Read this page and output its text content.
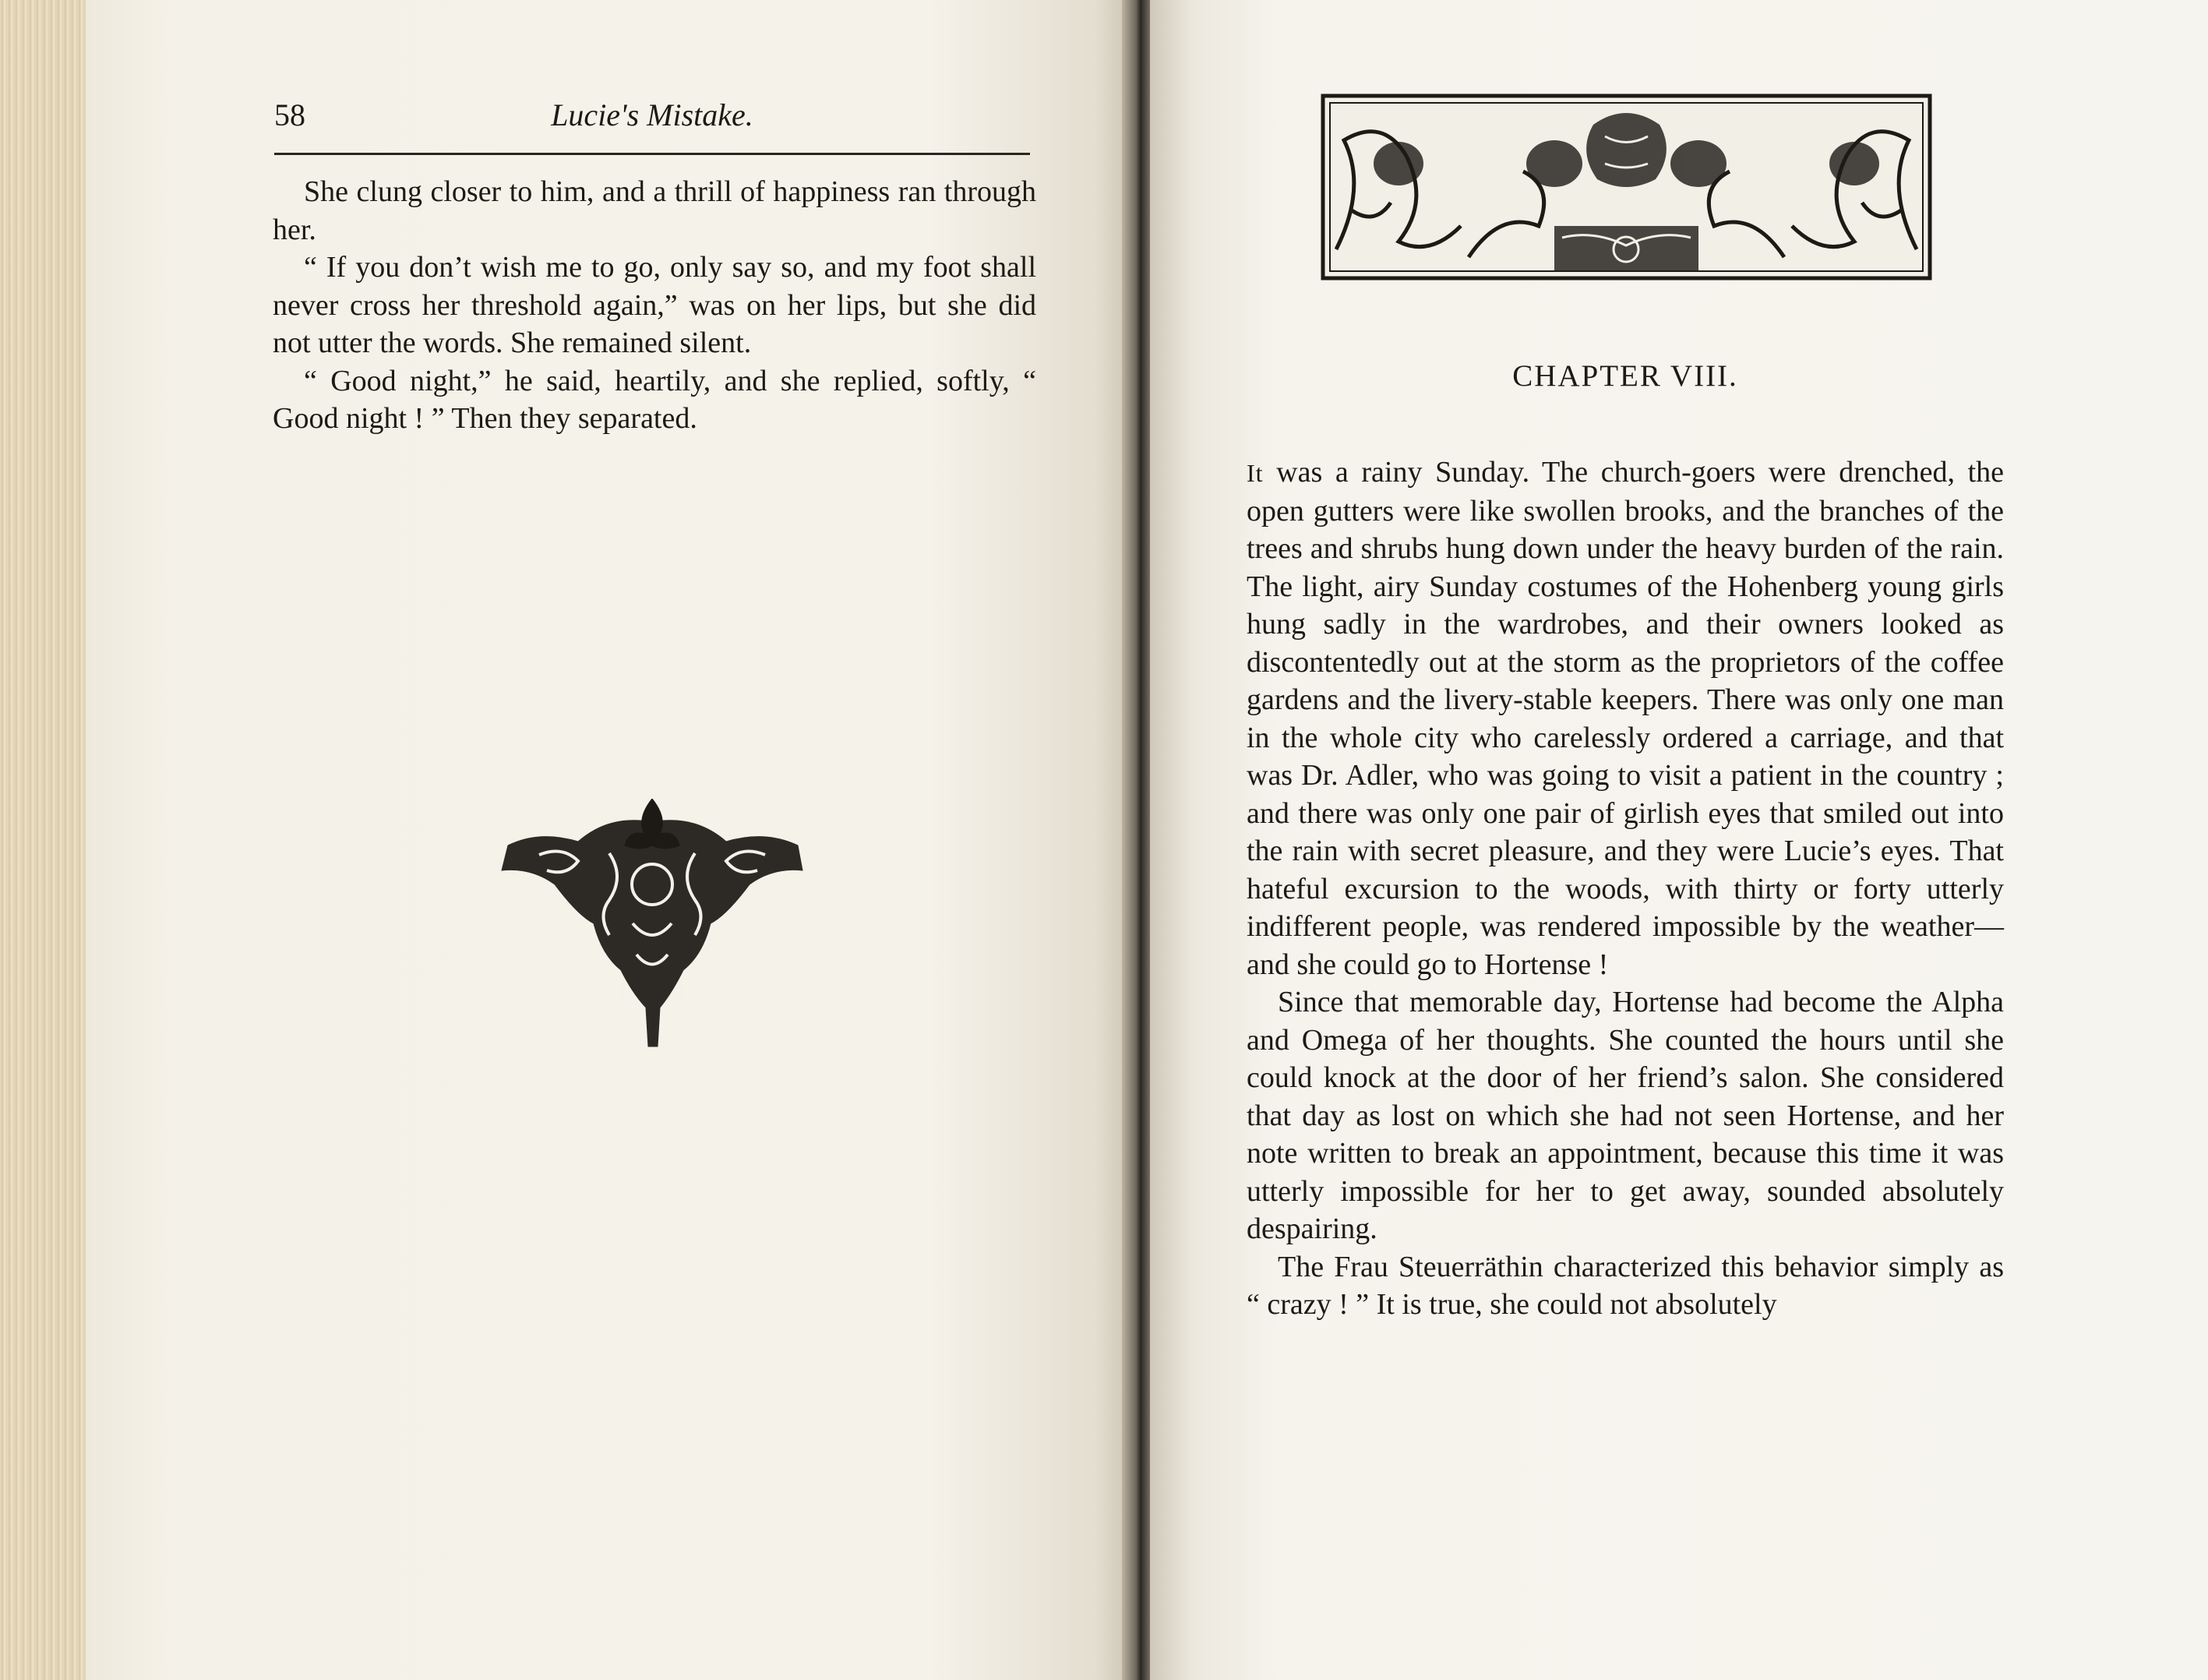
58	Lucie's Mistake.

She clung closer to him, and a thrill of happiness ran through her.

“ If you don’t wish me to go, only say so, and my foot shall never cross her threshold again,” was on her lips, but she did not utter the words. She remained silent.

“ Good night,” he said, heartily, and she replied, softly, “ Good night ! ” Then they separated.

CHAPTER VIII.

It was a rainy Sunday. The church-goers were drenched, the open gutters were like swollen brooks, and the branches of the trees and shrubs hung down under the heavy burden of the rain. The light, airy Sunday costumes of the Hohenberg young girls hung sadly in the wardrobes, and their owners looked as discontentedly out at the storm as the proprietors of the coffee gardens and the livery-stable keepers. There was only one man in the whole city who carelessly ordered a carriage, and that was Dr. Adler, who was going to visit a patient in the country ; and there was only one pair of girlish eyes that smiled out into the rain with secret pleasure, and they were Lucie’s eyes. That hateful excursion to the woods, with thirty or forty utterly indifferent people, was rendered impossible by the weather—and she could go to Hortense !

Since that memorable day, Hortense had become the Alpha and Omega of her thoughts. She counted the hours until she could knock at the door of her friend’s salon. She considered that day as lost on which she had not seen Hortense, and her note written to break an appointment, because this time it was utterly impossible for her to get away, sounded absolutely despairing.

The Frau Steuerräthin characterized this behavior simply as “ crazy ! ” It is true, she could not absolutely
